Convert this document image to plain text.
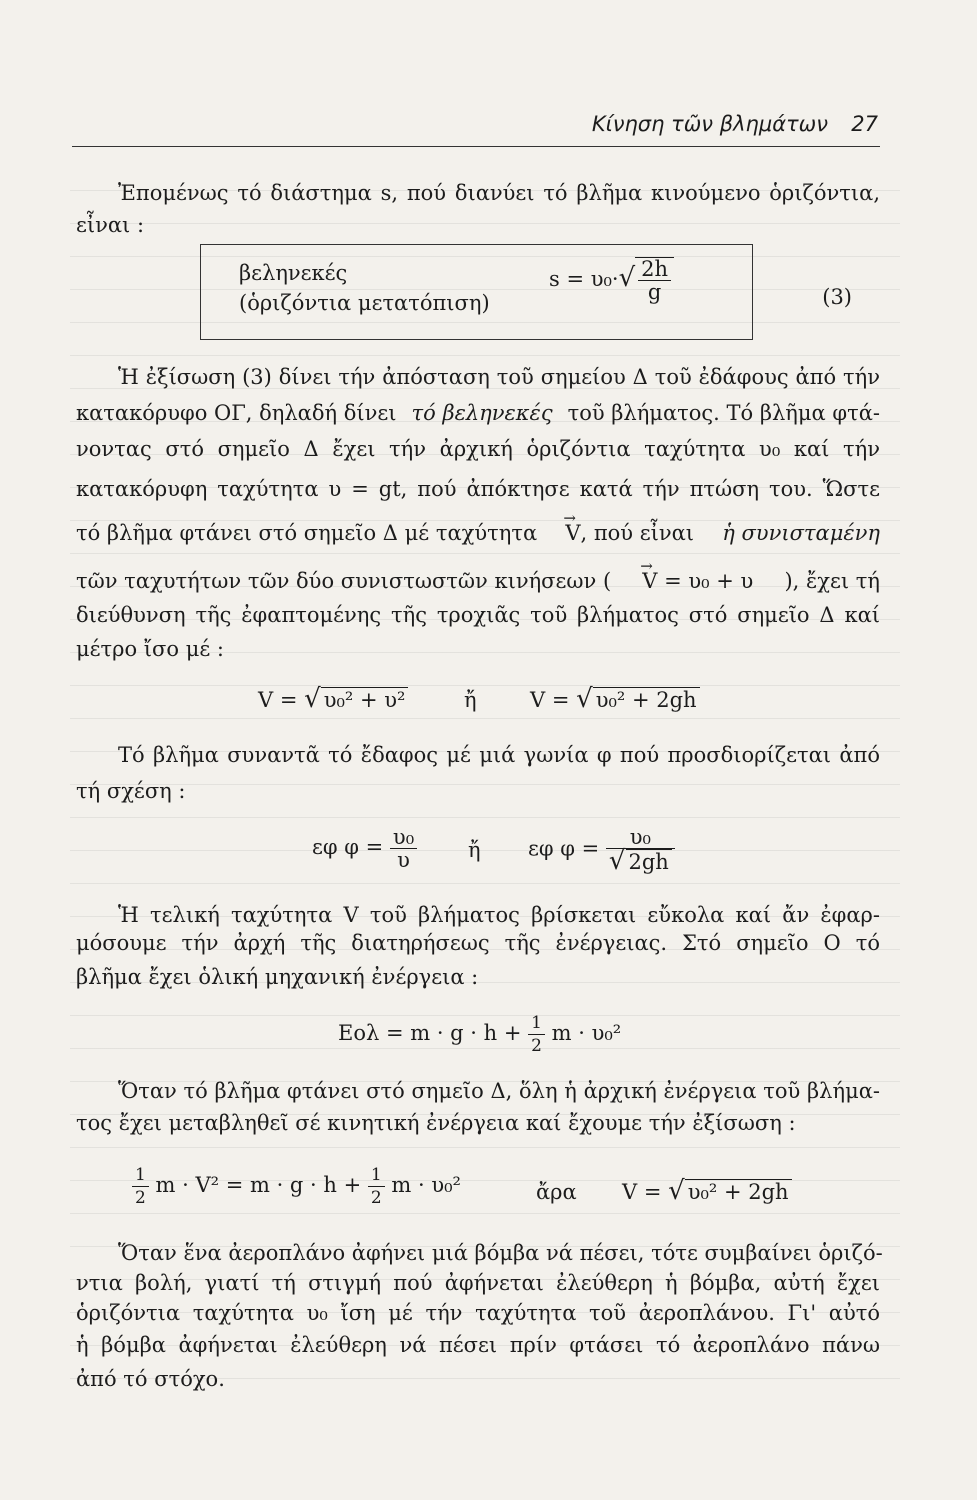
Κίνηση τῶν βλημάτων 27
Ἐπομένως τό διάστημα s, πού διανύει τό βλῆμα κινούμενο ὁριζόντια,
εἶναι :
βεληνεκές
(ὁριζόντια μετατόπιση)
$s = \upsilon_0\cdot√ \frac{2h}{g}$	(3)
Ἡ ἐξίσωση (3) δίνει τήν ἀπόσταση τοῦ σημείου Δ τοῦ ἐδάφους ἀπό τήν
κατακόρυφο ΟΓ, δηλαδή δίνει τό βεληνεκές τοῦ βλήματος. Τό βλῆμα φτά-
νοντας στό σημεῖο Δ ἔχει τήν ἀρχική ὁριζόντια ταχύτητα υ₀ καί τήν
κατακόρυφη ταχύτητα υ = gt, πού ἀπόκτησε κατά τήν πτώση του. Ὥστε
τό βλῆμα φτάνει στό σημεῖο Δ μέ ταχύτητα → V, πού εἶναι ἡ συνισταμένη
τῶν ταχυτήτων τῶν δύο συνιστωστῶν κινήσεων ( → V = υ₀ + υ ), ἔχει τή
διεύθυνση τῆς ἐφαπτομένης τῆς τροχιᾶς τοῦ βλήματος στό σημεῖο Δ καί
μέτρο ἴσο μέ :
V = √ υ₀² + υ²	ἤ	V = √ υ₀² + 2gh
Τό βλῆμα συναντᾶ τό ἔδαφος μέ μιά γωνία φ πού προσδιορίζεται ἀπό
τή σχέση :
εφ $\varphi = \frac{\text{υ₀}}{\upsilon}$ ἤ εφ $\varphi = \frac{\text{υ₀}}{√ 2gh}$
Ἡ τελική ταχύτητα V τοῦ βλήματος βρίσκεται εὔκολα καί ἄν ἐφαρ-
μόσουμε τήν ἀρχή τῆς διατηρήσεως τῆς ἐνέργειας. Στό σημεῖο Ο τό
βλῆμα ἔχει ὁλική μηχανική ἐνέργεια :
$Eo\lambda = m \cdot g \cdot h + \frac{1}{2}$ m · υ₀²
Ὅταν τό βλῆμα φτάνει στό σημεῖο Δ, ὅλη ἡ ἀρχική ἐνέργεια τοῦ βλήμα-
τος ἔχει μεταβληθεῖ σέ κινητική ἐνέργεια καί ἔχουμε τήν ἐξίσωση :
$\frac{1}{2}$ $m \cdot V^2 = m \cdot g \cdot h + \frac{1}{2}$ m · υ₀²	ἄρα V = √ υ₀² + 2gh
Ὅταν ἕνα ἀεροπλάνο ἀφήνει μιά βόμβα νά πέσει, τότε συμβαίνει ὁριζό-
ντια βολή, γιατί τή στιγμή πού ἀφήνεται ἐλεύθερη ἡ βόμβα, αὐτή ἔχει
ὁριζόντια ταχύτητα υ₀ ἴση μέ τήν ταχύτητα τοῦ ἀεροπλάνου. Γι' αὐτό
ἡ βόμβα ἀφήνεται ἐλεύθερη νά πέσει πρίν φτάσει τό ἀεροπλάνο πάνω
ἀπό τό στόχο.
